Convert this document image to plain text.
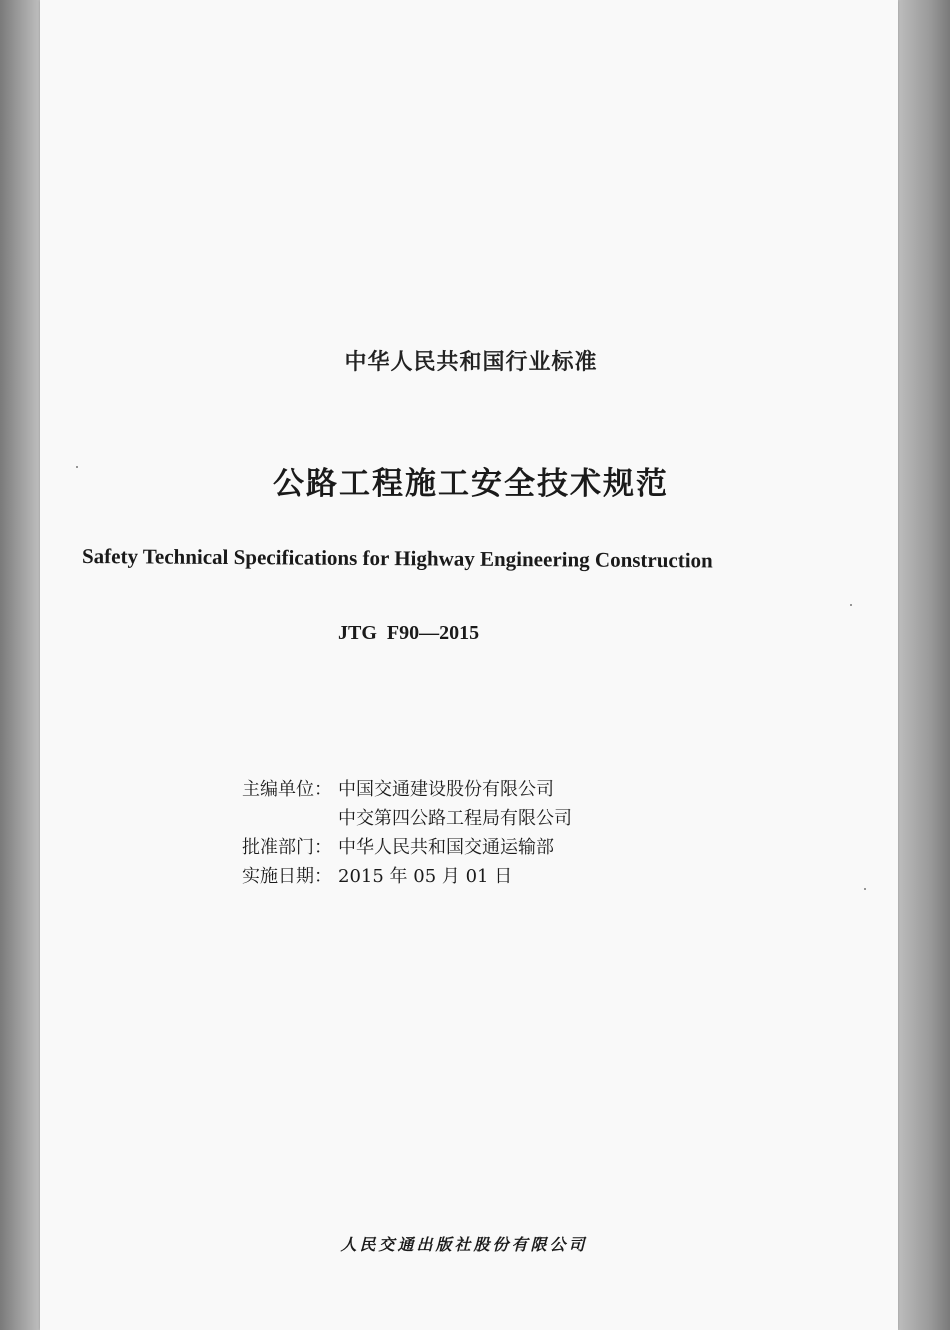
中华人民共和国行业标准
公路工程施工安全技术规范
Safety Technical Specifications for Highway Engineering Construction
JTG  F90—2015
主编单位： 中国交通建设股份有限公司
中交第四公路工程局有限公司
批准部门： 中华人民共和国交通运输部
实施日期： 2015 年 05 月 01 日
人民交通出版社股份有限公司
